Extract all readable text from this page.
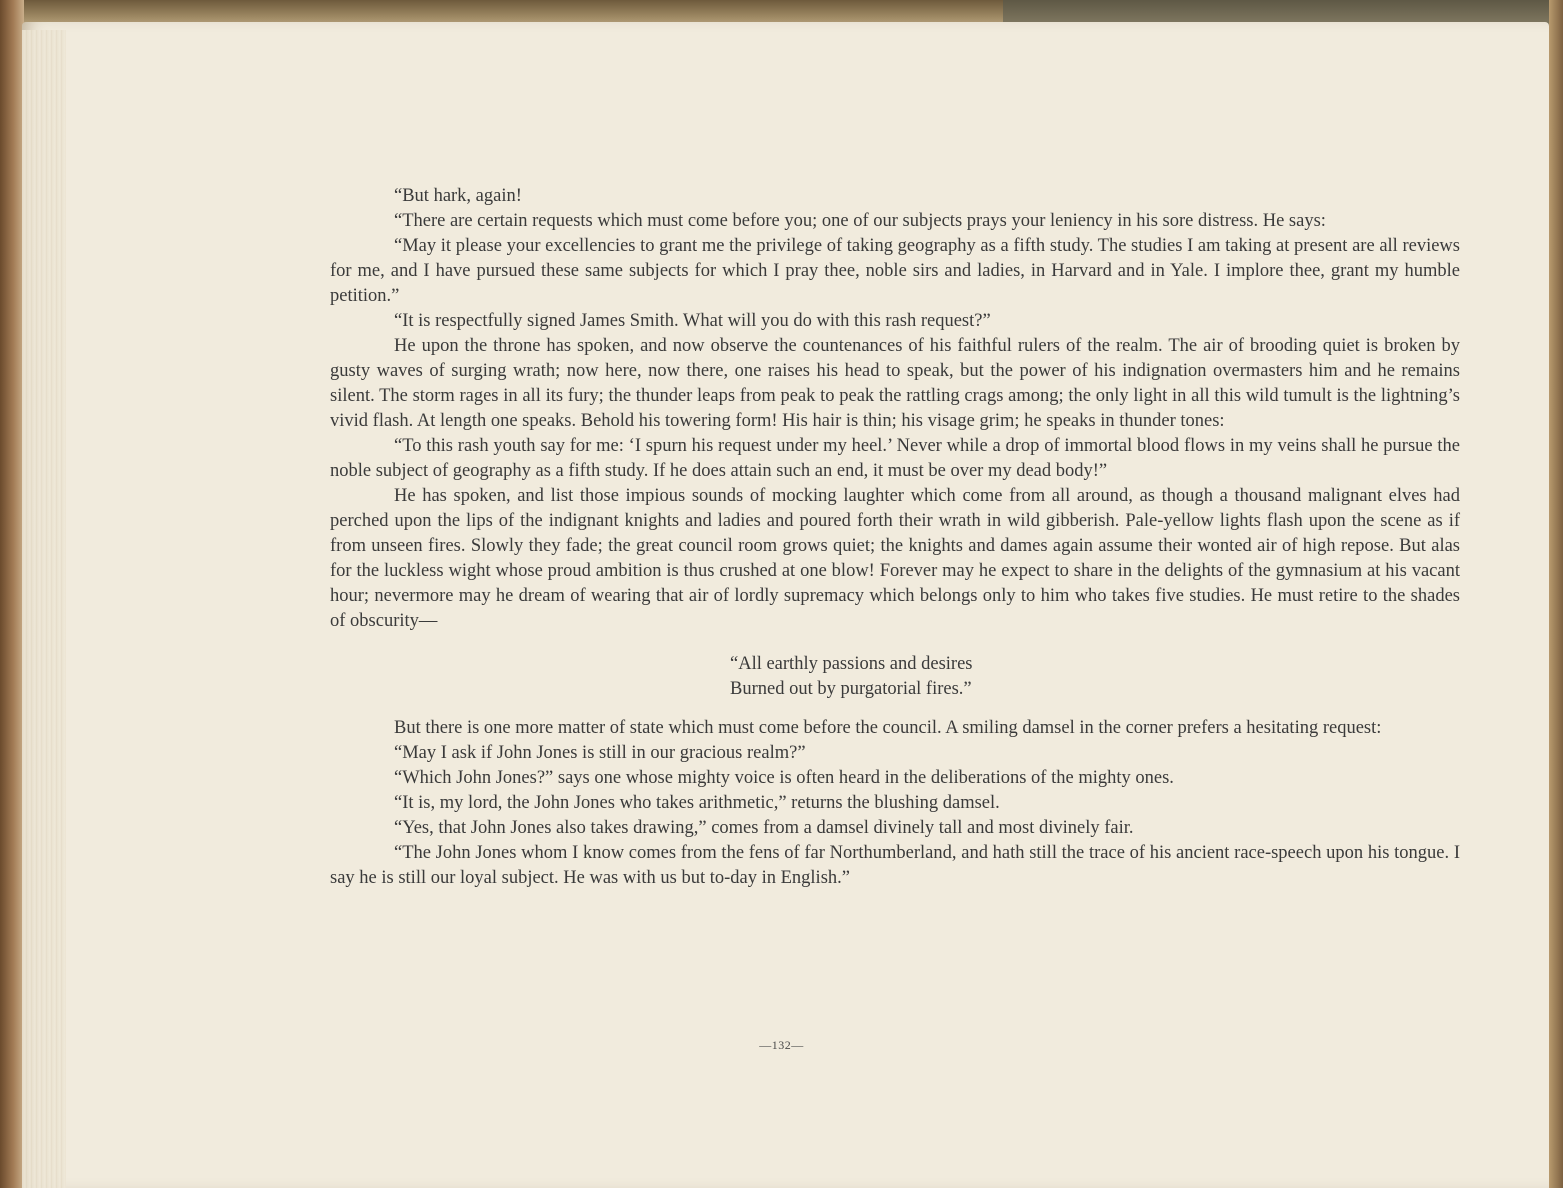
“But hark, again!

“There are certain requests which must come before you; one of our subjects prays your leniency in his sore distress. He says:

“May it please your excellencies to grant me the privilege of taking geography as a fifth study. The studies I am taking at present are all reviews for me, and I have pursued these same subjects for which I pray thee, noble sirs and ladies, in Harvard and in Yale. I implore thee, grant my humble petition.”

“It is respectfully signed James Smith. What will you do with this rash request?”

He upon the throne has spoken, and now observe the countenances of his faithful rulers of the realm. The air of brooding quiet is broken by gusty waves of surging wrath; now here, now there, one raises his head to speak, but the power of his indignation overmasters him and he remains silent. The storm rages in all its fury; the thunder leaps from peak to peak the rattling crags among; the only light in all this wild tumult is the lightning’s vivid flash. At length one speaks. Behold his towering form! His hair is thin; his visage grim; he speaks in thunder tones:

“To this rash youth say for me: ‘I spurn his request under my heel.’ Never while a drop of immortal blood flows in my veins shall he pursue the noble subject of geography as a fifth study. If he does attain such an end, it must be over my dead body!”

He has spoken, and list those impious sounds of mocking laughter which come from all around, as though a thousand malignant elves had perched upon the lips of the indignant knights and ladies and poured forth their wrath in wild gibberish. Pale-yellow lights flash upon the scene as if from unseen fires. Slowly they fade; the great council room grows quiet; the knights and dames again assume their wonted air of high repose. But alas for the luckless wight whose proud ambition is thus crushed at one blow! Forever may he expect to share in the delights of the gymnasium at his vacant hour; nevermore may he dream of wearing that air of lordly supremacy which belongs only to him who takes five studies. He must retire to the shades of obscurity—

“All earthly passions and desires
Burned out by purgatorial fires.”

But there is one more matter of state which must come before the council. A smiling damsel in the corner prefers a hesitating request:

“May I ask if John Jones is still in our gracious realm?”

“Which John Jones?” says one whose mighty voice is often heard in the deliberations of the mighty ones.

“It is, my lord, the John Jones who takes arithmetic,” returns the blushing damsel.

“Yes, that John Jones also takes drawing,” comes from a damsel divinely tall and most divinely fair.

“The John Jones whom I know comes from the fens of far Northumberland, and hath still the trace of his ancient race-speech upon his tongue. I say he is still our loyal subject. He was with us but to-day in English.”

—132—
